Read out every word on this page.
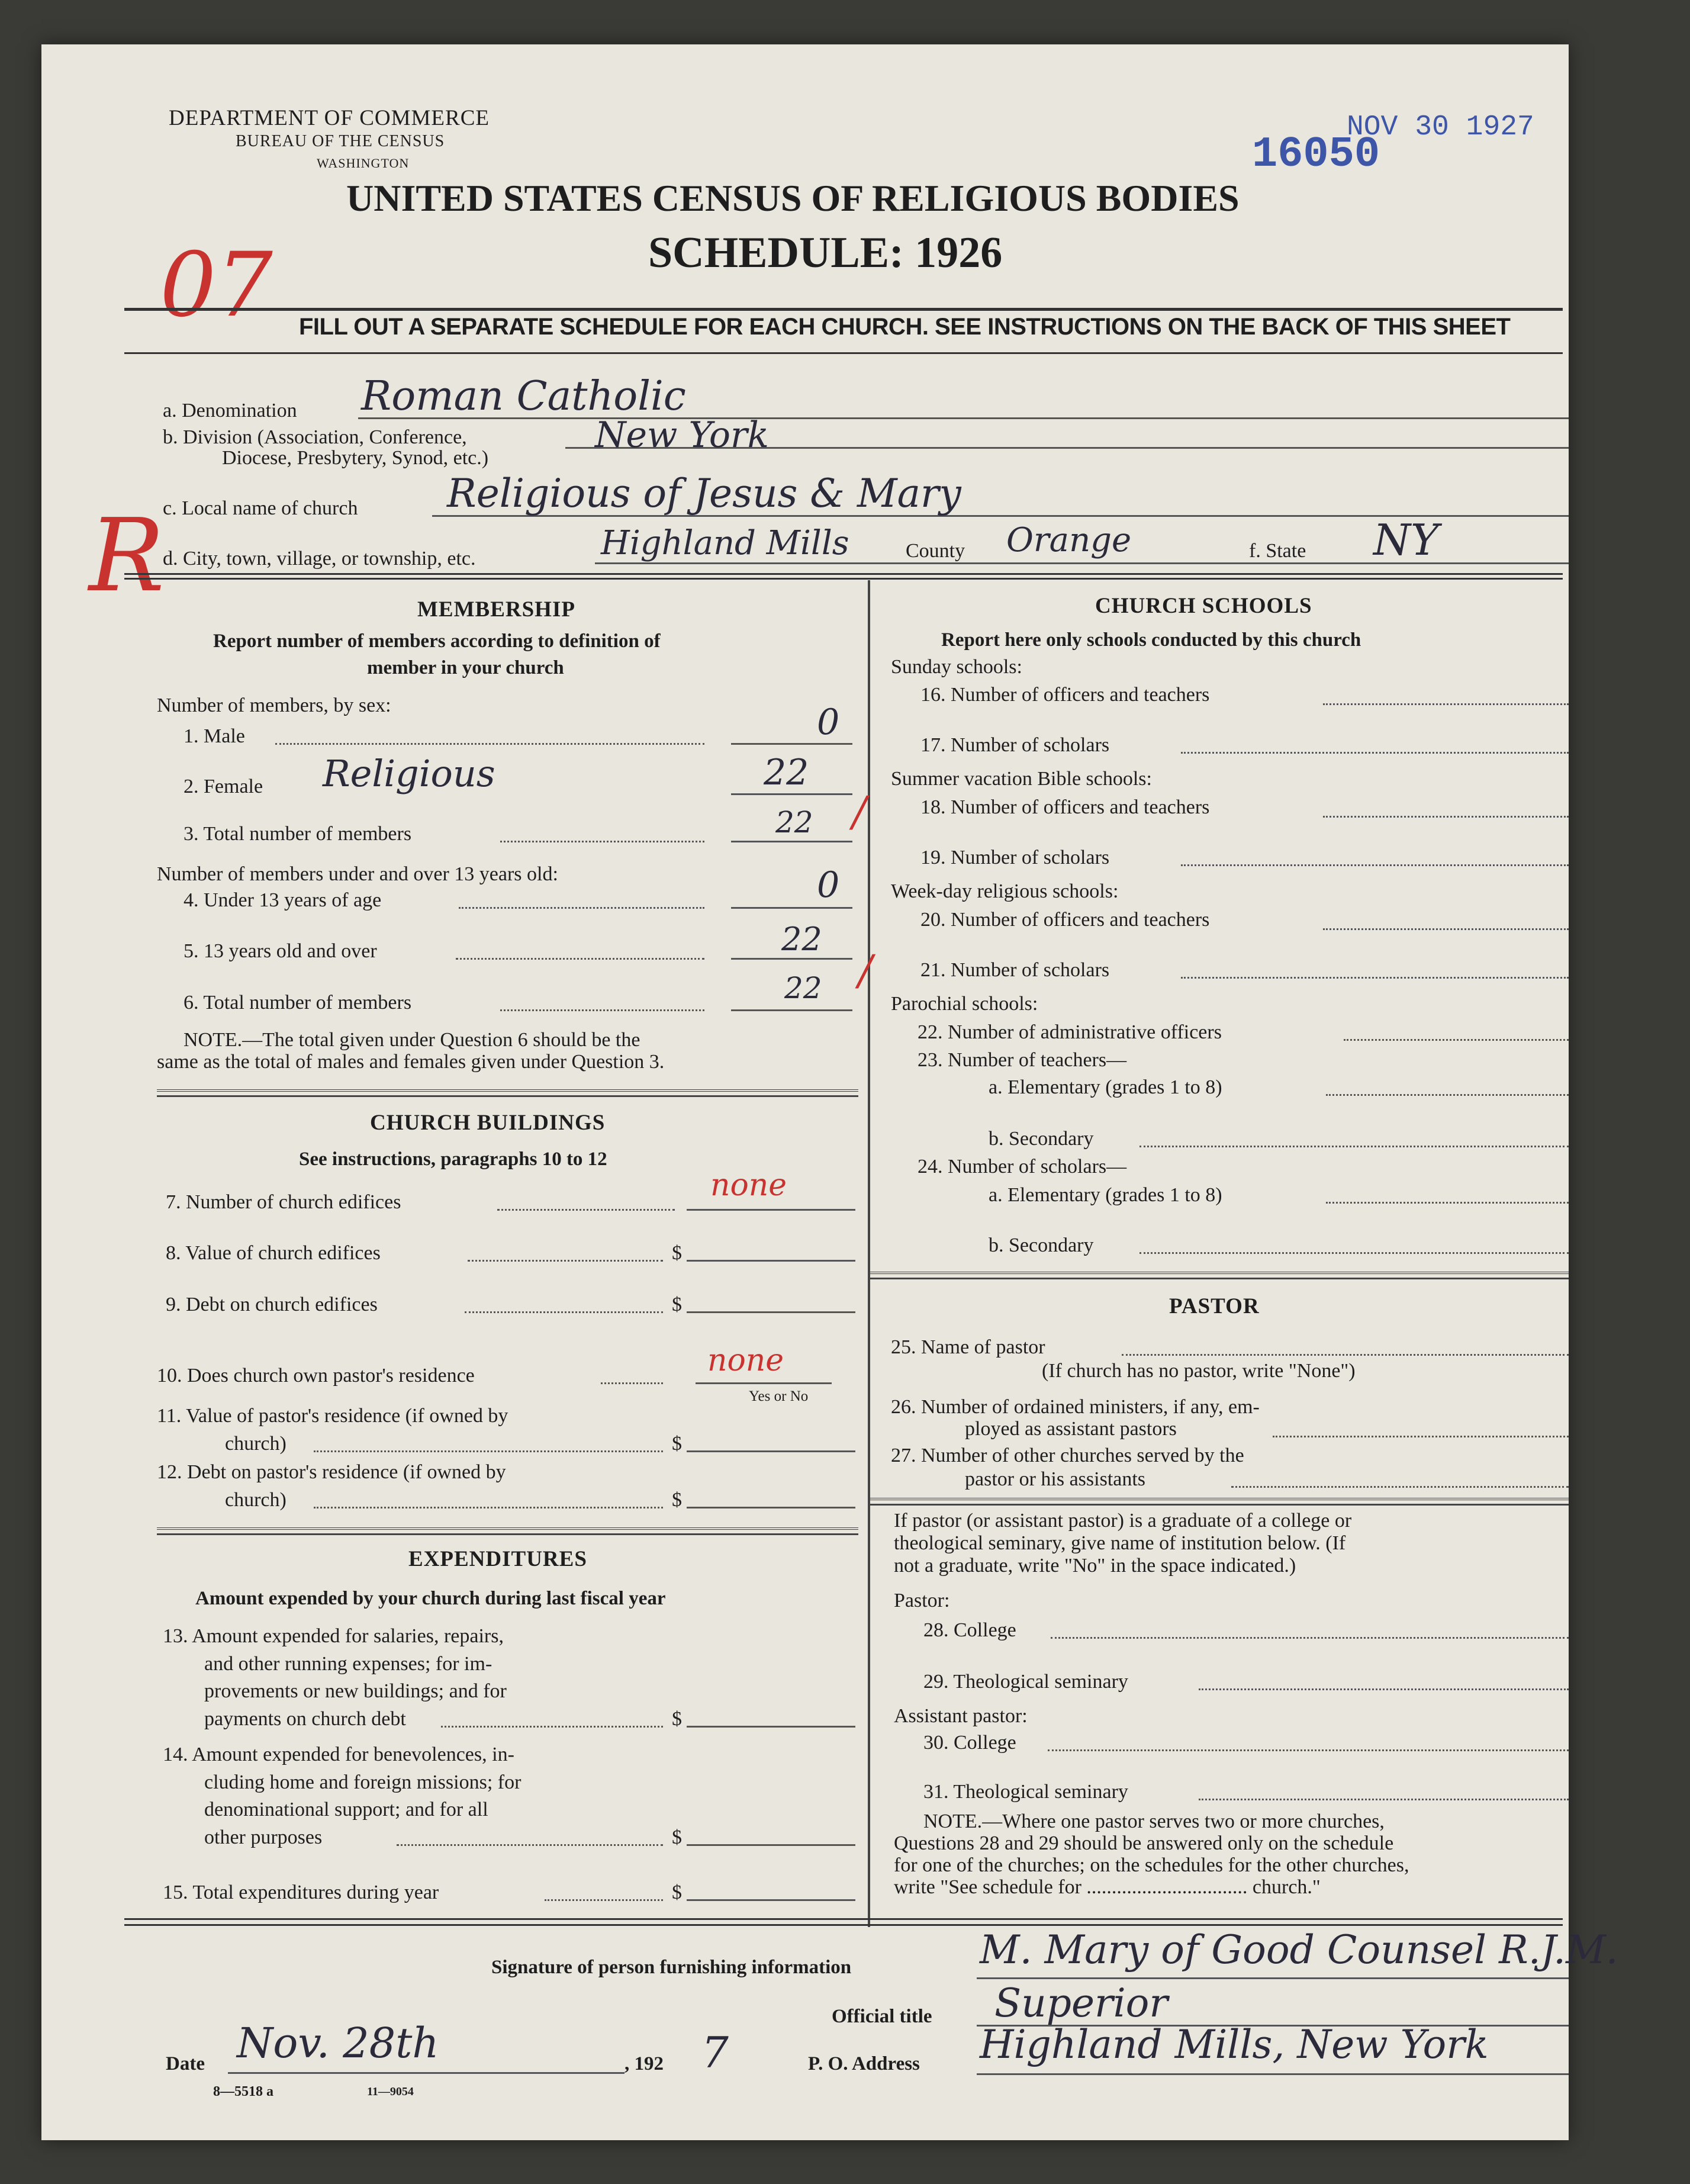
DEPARTMENT OF COMMERCE
BUREAU OF THE CENSUS
WASHINGTON
UNITED STATES CENSUS OF RELIGIOUS BODIES
SCHEDULE: 1926
16050
NOV 30 1927
07
R
FILL OUT A SEPARATE SCHEDULE FOR EACH CHURCH. SEE INSTRUCTIONS ON THE BACK OF THIS SHEET
a. Denomination Roman Catholic
b. Division (Association, Conference,
Diocese, Presbytery, Synod, etc.)
New York
c. Local name of church Religious of Jesus & Mary
d. City, town, village, or township, etc.	Highland Mills	County Orange	f. State NY
MEMBERSHIP
Report number of members according to definition of
member in your church
Number of members, by sex:
1. Male	0
2. Female Religious	22
3. Total number of members	22 /
Number of members under and over 13 years old:
4. Under 13 years of age	0
5. 13 years old and over	22
6. Total number of members	22 /
NOTE.—The total given under Question 6 should be the
same as the total of males and females given under Question 3.
CHURCH BUILDINGS
See instructions, paragraphs 10 to 12
7. Number of church edifices	none
8. Value of church edifices	$
9. Debt on church edifices	$
10. Does church own pastor's residence	none
Yes or No
11. Value of pastor's residence (if owned by
church)	$
12. Debt on pastor's residence (if owned by
church)	$
EXPENDITURES
Amount expended by your church during last fiscal year
13. Amount expended for salaries, repairs,
and other running expenses; for im-
provements or new buildings; and for
payments on church debt	$
14. Amount expended for benevolences, in-
cluding home and foreign missions; for
denominational support; and for all
other purposes	$
15. Total expenditures during year	$
CHURCH SCHOOLS
Report here only schools conducted by this church
Sunday schools:
16. Number of officers and teachers
17. Number of scholars
Summer vacation Bible schools:
18. Number of officers and teachers
19. Number of scholars
Week-day religious schools:
20. Number of officers and teachers
21. Number of scholars
Parochial schools:
22. Number of administrative officers
23. Number of teachers—
a. Elementary (grades 1 to 8)
b. Secondary
24. Number of scholars—
a. Elementary (grades 1 to 8)
b. Secondary
PASTOR
25. Name of pastor
(If church has no pastor, write "None")
26. Number of ordained ministers, if any, em-
ployed as assistant pastors
27. Number of other churches served by the
pastor or his assistants
If pastor (or assistant pastor) is a graduate of a college or
theological seminary, give name of institution below. (If
not a graduate, write "No" in the space indicated.)
Pastor:
28. College
29. Theological seminary
Assistant pastor:
30. College
31. Theological seminary
NOTE.—Where one pastor serves two or more churches,
Questions 28 and 29 should be answered only on the schedule
for one of the churches; on the schedules for the other churches,
write "See schedule for ................................ church."
Signature of person furnishing information	M. Mary of Good Counsel R.J.M.
Official title Superior
Date Nov. 28th	, 192 7	P. O. Address Highland Mills, New York
8—5518 a	11—9054
